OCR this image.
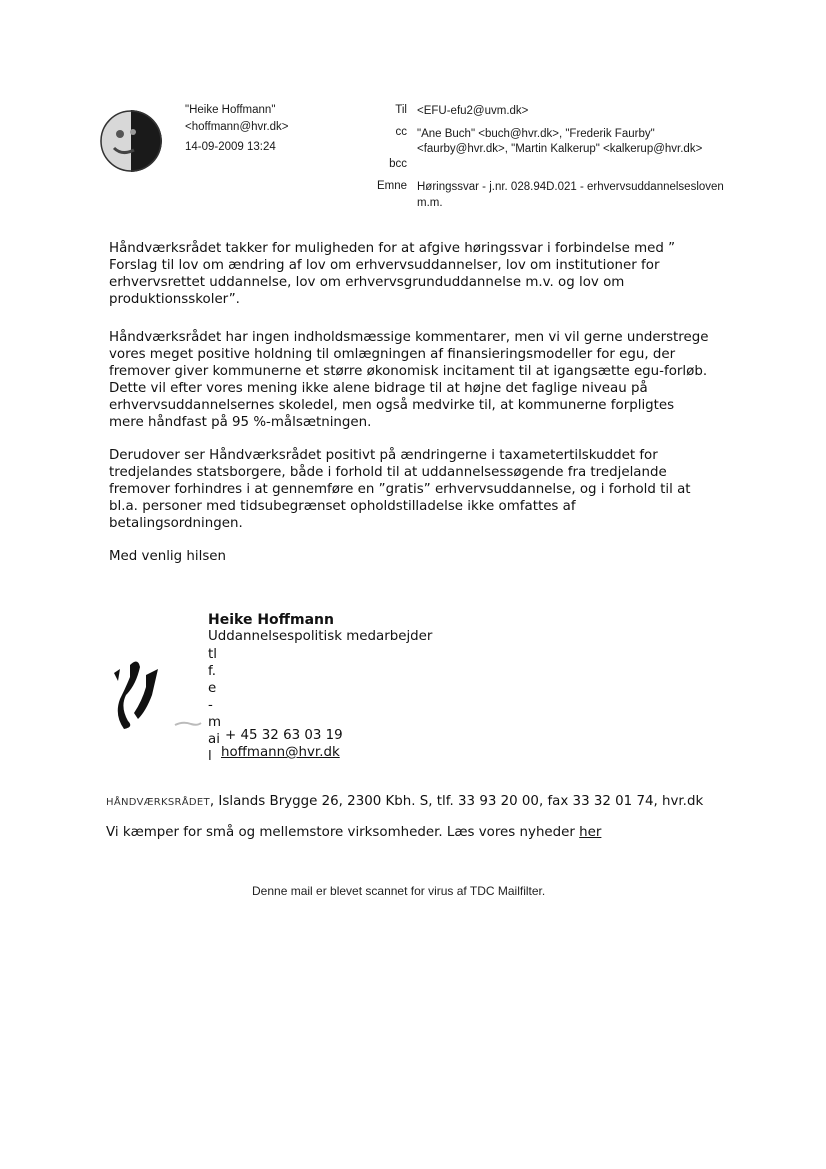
"Heike Hoffmann"
<hoffmann@hvr.dk>
14-09-2009 13:24
Til <EFU-efu2@uvm.dk>
cc "Ane Buch" <buch@hvr.dk>, "Frederik Faurby"
<faurby@hvr.dk>, "Martin Kalkerup" <kalkerup@hvr.dk>
bcc
Emne Høringssvar - j.nr. 028.94D.021 - erhvervsuddannelsesloven
m.m.
Håndværksrådet takker for muligheden for at afgive høringssvar i forbindelse med ”
Forslag til lov om ændring af lov om erhvervsuddannelser, lov om institutioner for
erhvervsrettet uddannelse, lov om erhvervsgrunduddannelse m.v. og lov om
produktionsskoler”.
Håndværksrådet har ingen indholdsmæssige kommentarer, men vi vil gerne understrege
vores meget positive holdning til omlægningen af finansieringsmodeller for egu, der
fremover giver kommunerne et større økonomisk incitament til at igangsætte egu-forløb.
Dette vil efter vores mening ikke alene bidrage til at højne det faglige niveau på
erhvervsuddannelsernes skoledel, men også medvirke til, at kommunerne forpligtes
mere håndfast på 95 %-målsætningen.
Derudover ser Håndværksrådet positivt på ændringerne i taxametertilskuddet for
tredjelandes statsborgere, både i forhold til at uddannelsessøgende fra tredjelande
fremover forhindres i at gennemføre en ”gratis” erhvervsuddannelse, og i forhold til at
bl.a. personer med tidsubegrænset opholdstilladelse ikke omfattes af
betalingsordningen.
Med venlig hilsen
Heike Hoffmann
Uddannelsespolitisk medarbejder
tl
f.
e
-
m
ai
l
+ 45 32 63 03 19
hoffmann@hvr.dk
HÅNDVÆRKSRÅDET, Islands Brygge 26, 2300 Kbh. S, tlf. 33 93 20 00, fax 33 32 01 74, hvr.dk
Vi kæmper for små og mellemstore virksomheder. Læs vores nyheder her
Denne mail er blevet scannet for virus af TDC Mailfilter.
